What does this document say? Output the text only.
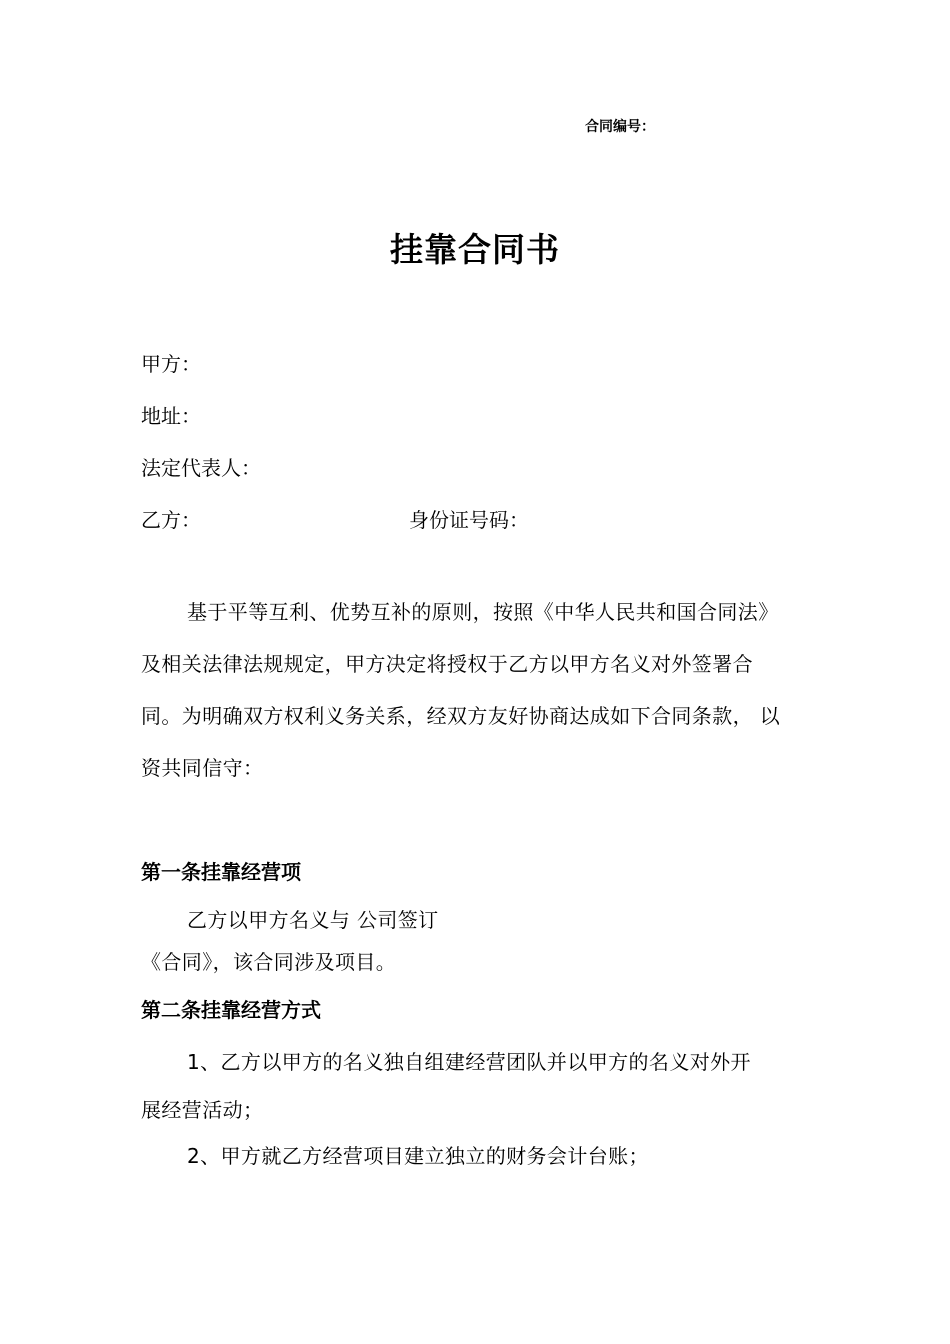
合同编号：
挂靠合同书
甲方：
地址：
法定代表人：
乙方：	身份证号码：
基于平等互利、优势互补的原则，按照《中华人民共和国合同法》
及相关法律法规规定，甲方决定将授权于乙方以甲方名义对外签署合
同。为明确双方权利义务关系，经双方友好协商达成如下合同条款， 以
资共同信守：
第一条挂靠经营项
乙方以甲方名义与 公司签订
《合同》，该合同涉及项目。
第二条挂靠经营方式
1、乙方以甲方的名义独自组建经营团队并以甲方的名义对外开
展经营活动；
2、甲方就乙方经营项目建立独立的财务会计台账；
